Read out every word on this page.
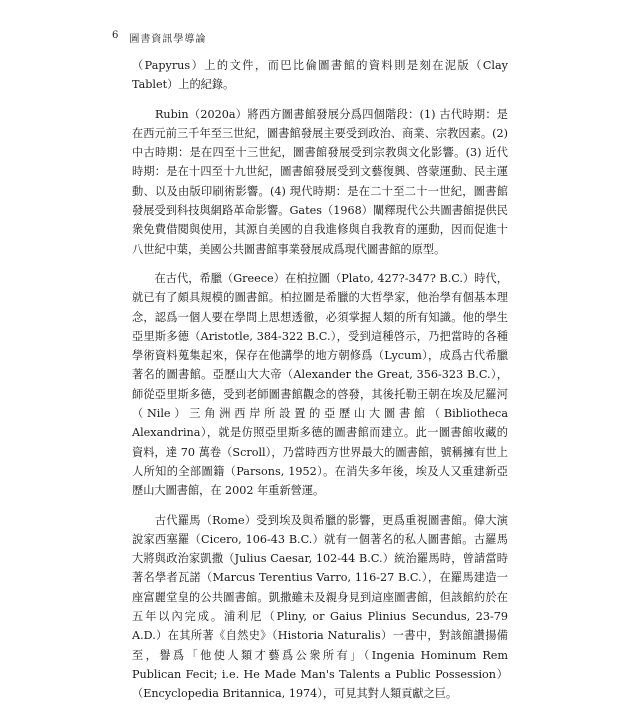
6 圖書資訊學導論

（Papyrus）上的文件，而巴比倫圖書館的資料則是刻在泥版（Clay Tablet）上的紀錄。

　　Rubin（2020a）將西方圖書館發展分爲四個階段：(1) 古代時期：是在西元前三千年至三世紀，圖書館發展主要受到政治、商業、宗教因素。(2) 中古時期：是在四至十三世紀，圖書館發展受到宗教與文化影響。(3) 近代時期：是在十四至十九世紀，圖書館發展受到文藝復興、啓蒙運動、民主運動、以及由版印刷術影響。(4) 現代時期：是在二十至二十一世紀，圖書館發展受到科技與網路革命影響。Gates（1968）闡釋現代公共圖書館提供民衆免費借閱與使用，其源自美國的自我進修與自我教育的運動，因而促進十八世紀中葉，美國公共圖書館事業發展成爲現代圖書館的原型。

　　在古代，希臘（Greece）在柏拉圖（Plato, 427?-347? B.C.）時代，就已有了頗具規模的圖書館。柏拉圖是希臘的大哲學家，他治學有個基本理念，認爲一個人要在學問上思想透徹，必須掌握人類的所有知識。他的學生亞里斯多德（Aristotle, 384-322 B.C.），受到這種啓示，乃把當時的各種學術資料蒐集起來，保存在他講學的地方朝修爲（Lycum），成爲古代希臘著名的圖書館。亞歷山大大帝（Alexander the Great, 356-323 B.C.），師從亞里斯多德，受到老師圖書館觀念的啓發，其後托勒王朝在埃及尼羅河（Nile）三角洲西岸所設置的亞歷山大圖書館（Bibliotheca Alexandrina），就是仿照亞里斯多德的圖書館而建立。此一圖書館收藏的資料，達 70 萬卷（Scroll），乃當時西方世界最大的圖書館，號稱擁有世上人所知的全部圖籍（Parsons, 1952）。在消失多年後，埃及人又重建新亞歷山大圖書館，在 2002 年重新營運。

　　古代羅馬（Rome）受到埃及與希臘的影響，更爲重視圖書館。偉大演說家西塞羅（Cicero, 106-43 B.C.）就有一個著名的私人圖書館。古羅馬大將與政治家凱撒（Julius Caesar, 102-44 B.C.）統治羅馬時，曾請當時著名學者瓦諾（Marcus Terentius Varro, 116-27 B.C.），在羅馬建造一座富麗堂皇的公共圖書館。凱撒雖未及親身見到這座圖書館，但該館約於在五年以內完成。浦利尼（Pliny, or Gaius Plinius Secundus, 23-79 A.D.）在其所著《自然史》（Historia Naturalis）一書中，對該館讚揚備至，譽爲「他使人類才藝爲公衆所有」（Ingenia Hominum Rem Publican Fecit; i.e. He Made Man's Talents a Public Possession）（Encyclopedia Britannica, 1974），可見其對人類貢獻之巨。
